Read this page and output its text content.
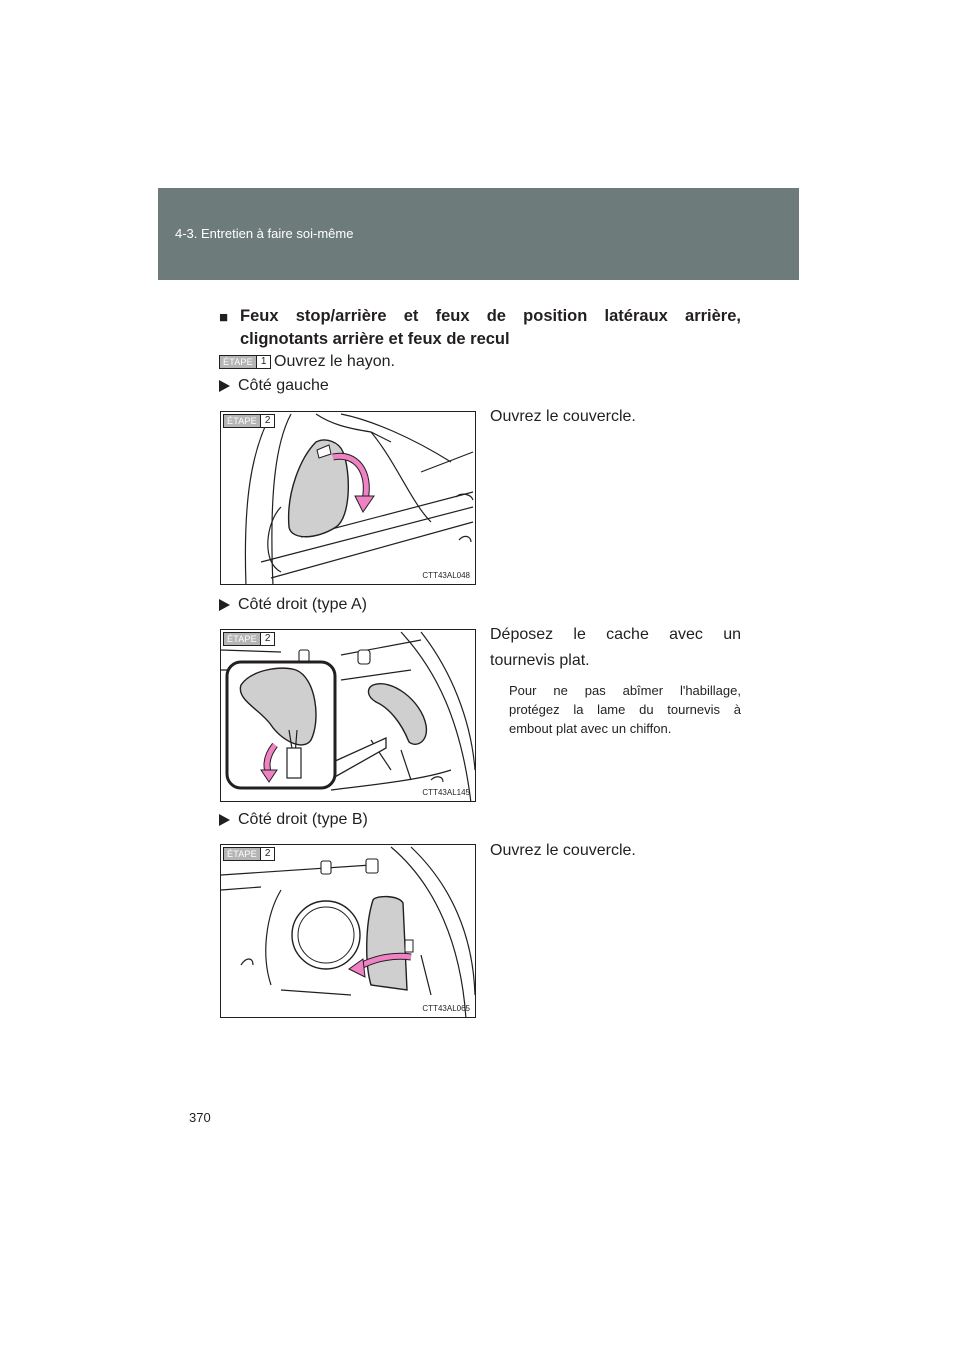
4-3. Entretien à faire soi-même
■ Feux stop/arrière et feux de position latéraux arrière,
clignotants arrière et feux de recul
ÉTAPE 1 Ouvrez le hayon.
Côté gauche
ÉTAPE 2
CTT43AL048
Ouvrez le couvercle.
Côté droit (type A)
ÉTAPE 2
CTT43AL145
Déposez le cache avec un
tournevis plat.
Pour ne pas abîmer l'habillage,
protégez la lame du tournevis à
embout plat avec un chiffon.
Côté droit (type B)
ÉTAPE 2
CTT43AL065
Ouvrez le couvercle.
370
